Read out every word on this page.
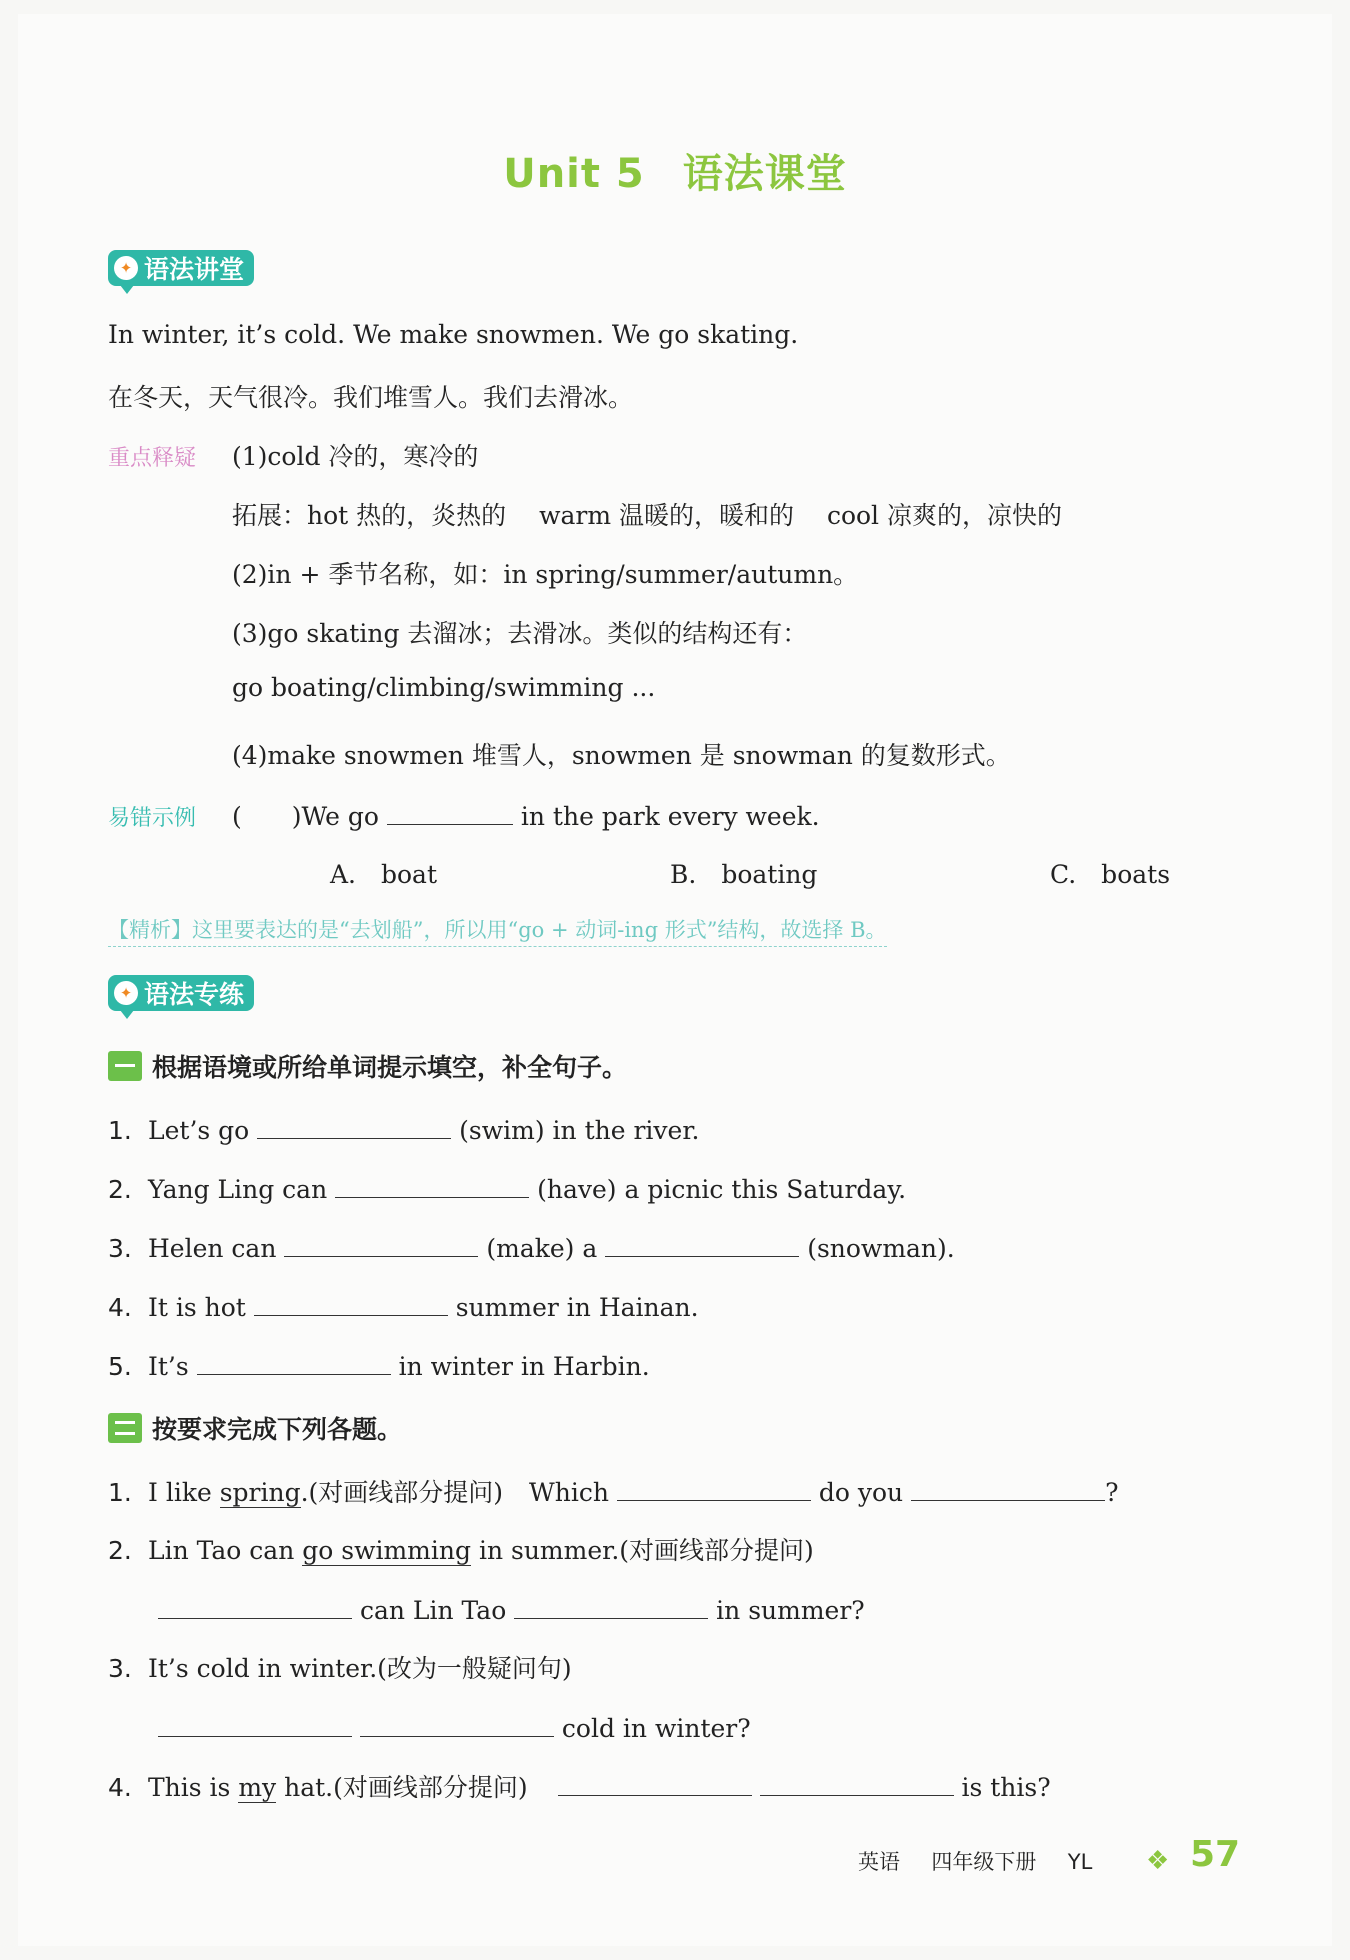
Unit 5 语法课堂
✦ 语法讲堂
In winter, it’s cold. We make snowmen. We go skating.
在冬天，天气很冷。我们堆雪人。我们去滑冰。
重点释疑 (1)cold 冷的，寒冷的
拓展：hot 热的，炎热的　 warm 温暖的，暖和的　 cool 凉爽的，凉快的
(2)in + 季节名称，如：in spring/summer/autumn。
(3)go skating 去溜冰；去滑冰。类似的结构还有：
go boating/climbing/swimming ...
(4)make snowmen 堆雪人，snowmen 是 snowman 的复数形式。
易错示例 (　　)We go	in the park every week.
A.　boat	B.　boating	C.　boats
【精析】这里要表达的是“去划船”，所以用“go + 动词-ing 形式”结构，故选择 B。
✦ 语法专练
根据语境或所给单词提示填空，补全句子。
1. Let’s go	(swim) in the river.
2. Yang Ling can	(have) a picnic this Saturday.
3. Helen can	(make) a	(snowman).
4. It is hot	summer in Hainan.
5. It’s	in winter in Harbin.
按要求完成下列各题。
1. I like spring.(对画线部分提问) Which	do you	?
2. Lin Tao can go swimming in summer.(对画线部分提问)
can Lin Tao	in summer?
3. It’s cold in winter.(改为一般疑问句)
cold in winter?
4. This is my hat.(对画线部分提问)	is this?
英语 四年级下册 YL ❖ 57
